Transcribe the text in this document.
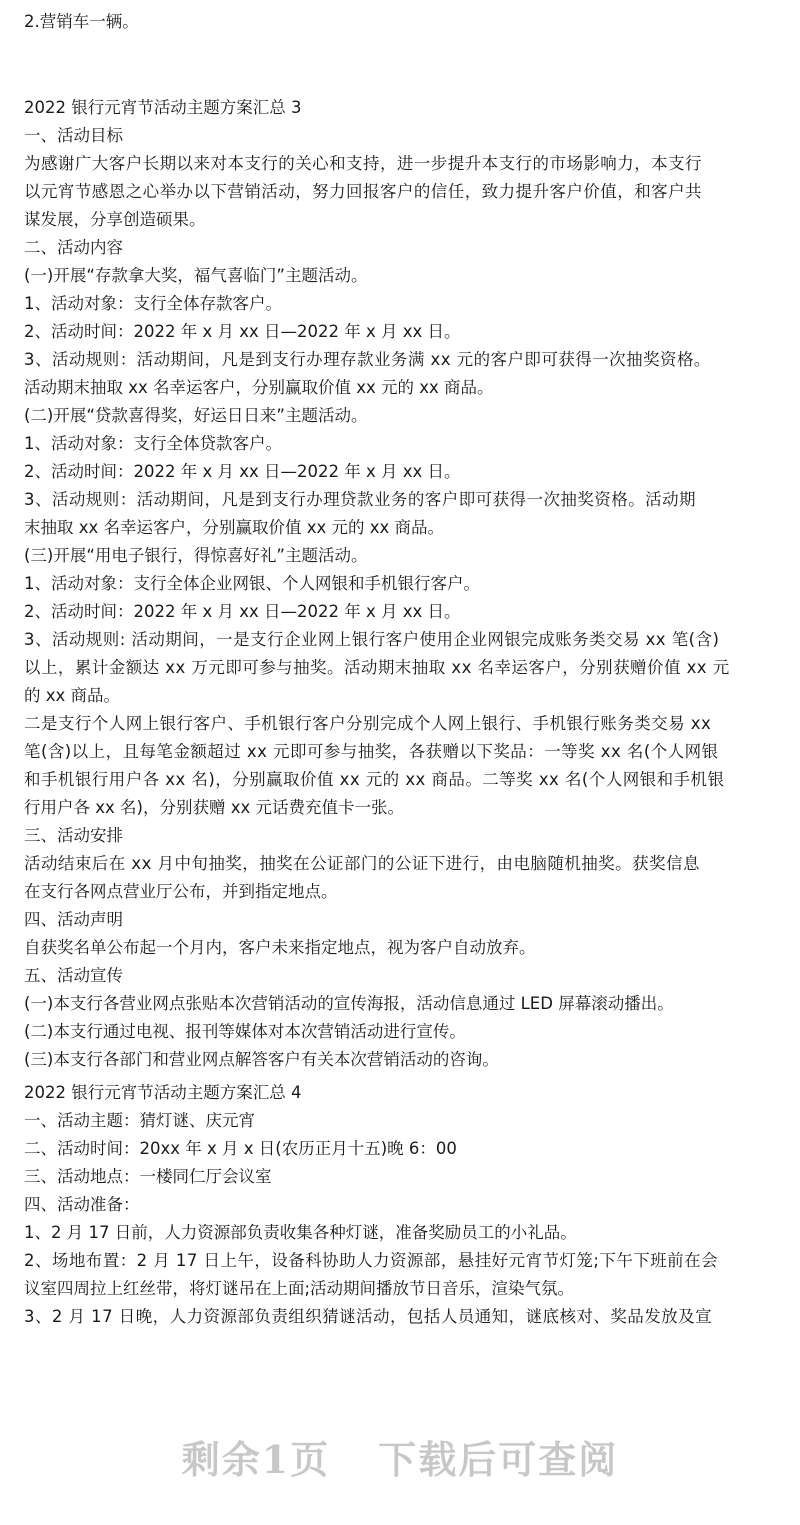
2.营销车一辆。
2022 银行元宵节活动主题方案汇总 3
一、活动目标
为感谢广大客户长期以来对本支行的关心和支持，进一步提升本支行的市场影响力，本支行
以元宵节感恩之心举办以下营销活动，努力回报客户的信任，致力提升客户价值，和客户共
谋发展，分享创造硕果。
二、活动内容
(一)开展“存款拿大奖，福气喜临门”主题活动。
1、活动对象：支行全体存款客户。
2、活动时间：2022 年 x 月 xx 日—2022 年 x 月 xx 日。
3、活动规则：活动期间，凡是到支行办理存款业务满 xx 元的客户即可获得一次抽奖资格。
活动期末抽取 xx 名幸运客户，分别赢取价值 xx 元的 xx 商品。
(二)开展“贷款喜得奖，好运日日来”主题活动。
1、活动对象：支行全体贷款客户。
2、活动时间：2022 年 x 月 xx 日—2022 年 x 月 xx 日。
3、活动规则：活动期间，凡是到支行办理贷款业务的客户即可获得一次抽奖资格。活动期
末抽取 xx 名幸运客户，分别赢取价值 xx 元的 xx 商品。
(三)开展“用电子银行，得惊喜好礼”主题活动。
1、活动对象：支行全体企业网银、个人网银和手机银行客户。
2、活动时间：2022 年 x 月 xx 日—2022 年 x 月 xx 日。
3、活动规则: 活动期间，一是支行企业网上银行客户使用企业网银完成账务类交易 xx 笔(含)
以上，累计金额达 xx 万元即可参与抽奖。活动期末抽取 xx 名幸运客户，分别获赠价值 xx 元
的 xx 商品。
二是支行个人网上银行客户、手机银行客户分别完成个人网上银行、手机银行账务类交易 xx
笔(含)以上，且每笔金额超过 xx 元即可参与抽奖，各获赠以下奖品：一等奖 xx 名(个人网银
和手机银行用户各 xx 名)，分别赢取价值 xx 元的 xx 商品。二等奖 xx 名(个人网银和手机银
行用户各 xx 名)，分别获赠 xx 元话费充值卡一张。
三、活动安排
活动结束后在 xx 月中旬抽奖，抽奖在公证部门的公证下进行，由电脑随机抽奖。获奖信息
在支行各网点营业厅公布，并到指定地点。
四、活动声明
自获奖名单公布起一个月内，客户未来指定地点，视为客户自动放弃。
五、活动宣传
(一)本支行各营业网点张贴本次营销活动的宣传海报，活动信息通过 LED 屏幕滚动播出。
(二)本支行通过电视、报刊等媒体对本次营销活动进行宣传。
(三)本支行各部门和营业网点解答客户有关本次营销活动的咨询。
2022 银行元宵节活动主题方案汇总 4
一、活动主题：猜灯谜、庆元宵
二、活动时间：20xx 年 x 月 x 日(农历正月十五)晚 6：00
三、活动地点：一楼同仁厅会议室
四、活动准备：
1、2 月 17 日前，人力资源部负责收集各种灯谜，准备奖励员工的小礼品。
2、场地布置：2 月 17 日上午，设备科协助人力资源部，悬挂好元宵节灯笼;下午下班前在会
议室四周拉上红丝带，将灯谜吊在上面;活动期间播放节日音乐，渲染气氛。
3、2 月 17 日晚，人力资源部负责组织猜谜活动，包括人员通知，谜底核对、奖品发放及宣
剩余1页 下载后可查阅
